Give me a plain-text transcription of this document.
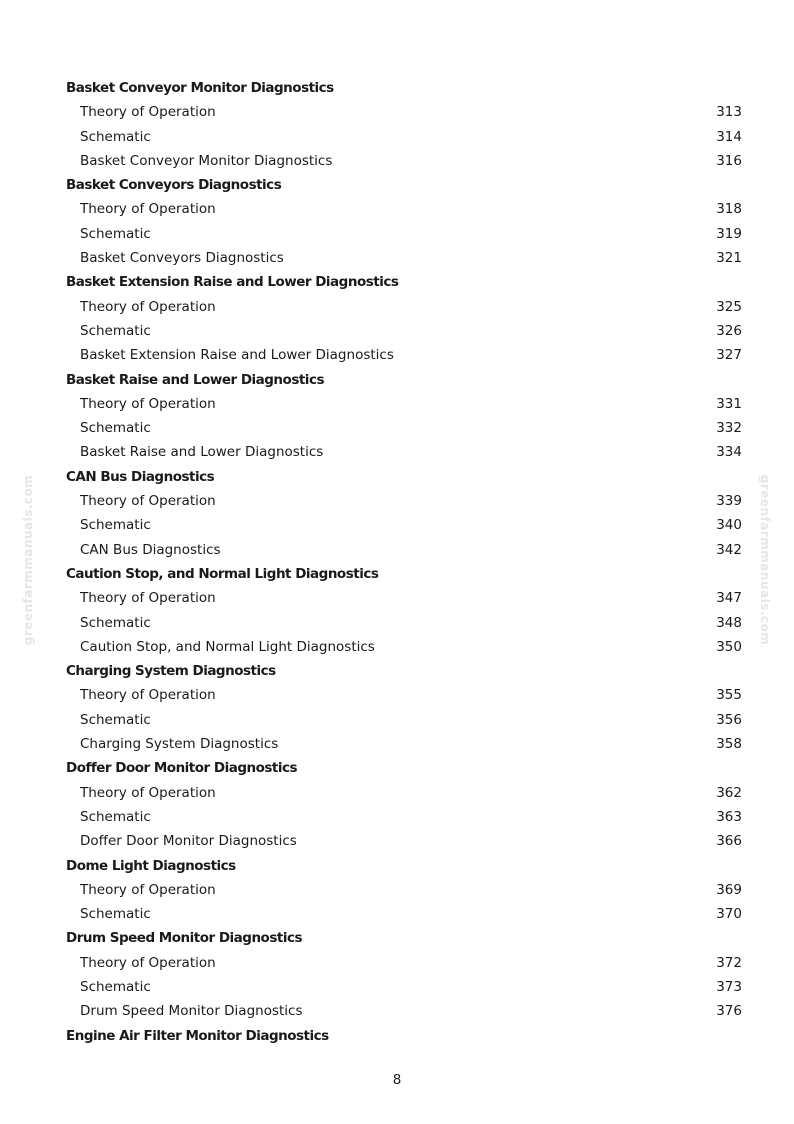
greenfarmmanuals.com	greenfarmmanuals.com
Basket Conveyor Monitor Diagnostics
Theory of Operation	313
Schematic	314
Basket Conveyor Monitor Diagnostics	316
Basket Conveyors Diagnostics
Theory of Operation	318
Schematic	319
Basket Conveyors Diagnostics	321
Basket Extension Raise and Lower Diagnostics
Theory of Operation	325
Schematic	326
Basket Extension Raise and Lower Diagnostics	327
Basket Raise and Lower Diagnostics
Theory of Operation	331
Schematic	332
Basket Raise and Lower Diagnostics	334
CAN Bus Diagnostics
Theory of Operation	339
Schematic	340
CAN Bus Diagnostics	342
Caution Stop, and Normal Light Diagnostics
Theory of Operation	347
Schematic	348
Caution Stop, and Normal Light Diagnostics	350
Charging System Diagnostics
Theory of Operation	355
Schematic	356
Charging System Diagnostics	358
Doffer Door Monitor Diagnostics
Theory of Operation	362
Schematic	363
Doffer Door Monitor Diagnostics	366
Dome Light Diagnostics
Theory of Operation	369
Schematic	370
Drum Speed Monitor Diagnostics
Theory of Operation	372
Schematic	373
Drum Speed Monitor Diagnostics	376
Engine Air Filter Monitor Diagnostics
8
